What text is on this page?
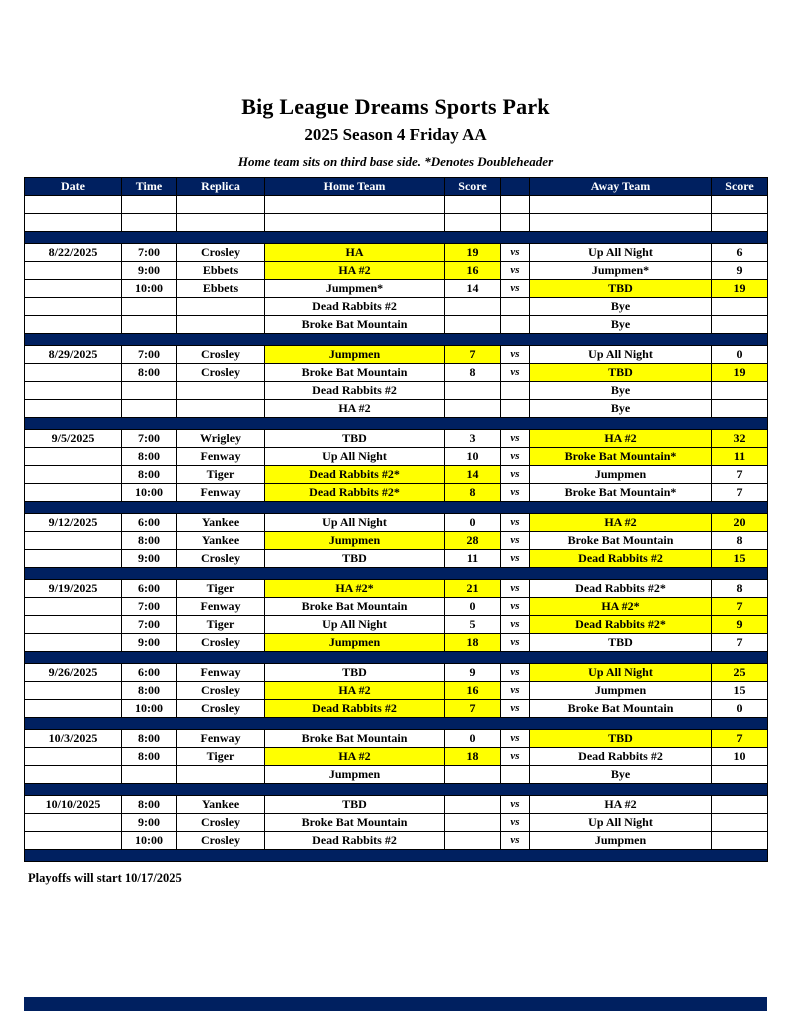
Big League Dreams Sports Park
2025 Season 4 Friday AA
Home team sits on third base side. *Denotes Doubleheader
Date	Time	Replica	Home Team	Score		Away Team	Score

8/22/2025	7:00	Crosley	HA	19	vs	Up All Night	6
	9:00	Ebbets	HA #2	16	vs	Jumpmen*	9
	10:00	Ebbets	Jumpmen*	14	vs	TBD	19
			Dead Rabbits #2			Bye	
			Broke Bat Mountain			Bye	

8/29/2025	7:00	Crosley	Jumpmen	7	vs	Up All Night	0
	8:00	Crosley	Broke Bat Mountain	8	vs	TBD	19
			Dead Rabbits #2			Bye	
			HA #2			Bye	

9/5/2025	7:00	Wrigley	TBD	3	vs	HA #2	32
	8:00	Fenway	Up All Night	10	vs	Broke Bat Mountain*	11
	8:00	Tiger	Dead Rabbits #2*	14	vs	Jumpmen	7
	10:00	Fenway	Dead Rabbits #2*	8	vs	Broke Bat Mountain*	7

9/12/2025	6:00	Yankee	Up All Night	0	vs	HA #2	20
	8:00	Yankee	Jumpmen	28	vs	Broke Bat Mountain	8
	9:00	Crosley	TBD	11	vs	Dead Rabbits #2	15

9/19/2025	6:00	Tiger	HA #2*	21	vs	Dead Rabbits #2*	8
	7:00	Fenway	Broke Bat Mountain	0	vs	HA #2*	7
	7:00	Tiger	Up All Night	5	vs	Dead Rabbits #2*	9
	9:00	Crosley	Jumpmen	18	vs	TBD	7

9/26/2025	6:00	Fenway	TBD	9	vs	Up All Night	25
	8:00	Crosley	HA #2	16	vs	Jumpmen	15
	10:00	Crosley	Dead Rabbits #2	7	vs	Broke Bat Mountain	0

10/3/2025	8:00	Fenway	Broke Bat Mountain	0	vs	TBD	7
	8:00	Tiger	HA #2	18	vs	Dead Rabbits #2	10
			Jumpmen			Bye	

10/10/2025	8:00	Yankee	TBD		vs	HA #2	
	9:00	Crosley	Broke Bat Mountain		vs	Up All Night	
	10:00	Crosley	Dead Rabbits #2		vs	Jumpmen	

Playoffs will start 10/17/2025
